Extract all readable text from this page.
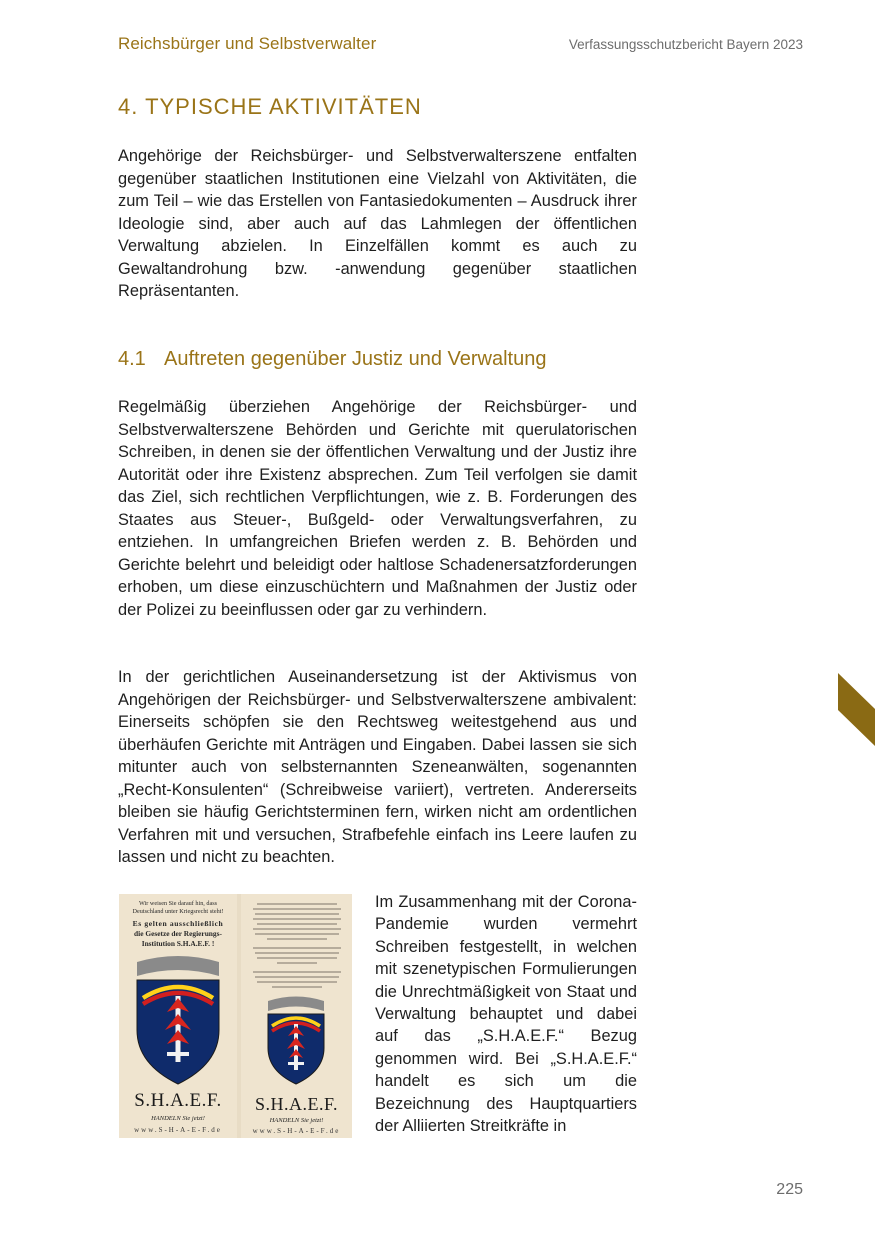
Reichsbürger und Selbstverwalter	Verfassungsschutzbericht Bayern 2023
4. TYPISCHE AKTIVITÄTEN

Angehörige der Reichsbürger- und Selbstverwalterszene entfalten gegenüber staatlichen Institutionen eine Vielzahl von Aktivitäten, die zum Teil – wie das Erstellen von Fantasiedokumenten – Ausdruck ihrer Ideologie sind, aber auch auf das Lahmlegen der öffentlichen Verwaltung abzielen. In Einzelfällen kommt es auch zu Gewaltandrohung bzw. -anwendung gegenüber staatlichen Repräsentanten.

4.1 Auftreten gegenüber Justiz und Verwaltung

Regelmäßig überziehen Angehörige der Reichsbürger- und Selbstverwalterszene Behörden und Gerichte mit querulatorischen Schreiben, in denen sie der öffentlichen Verwaltung und der Justiz ihre Autorität oder ihre Existenz absprechen. Zum Teil verfolgen sie damit das Ziel, sich rechtlichen Verpflichtungen, wie z. B. Forderungen des Staates aus Steuer-, Bußgeld- oder Verwaltungsverfahren, zu entziehen. In umfangreichen Briefen werden z. B. Behörden und Gerichte belehrt und beleidigt oder haltlose Schadenersatzforderungen erhoben, um diese einzuschüchtern und Maßnahmen der Justiz oder der Polizei zu beeinflussen oder gar zu verhindern.

In der gerichtlichen Auseinandersetzung ist der Aktivismus von Angehörigen der Reichsbürger- und Selbstverwalterszene ambivalent: Einerseits schöpfen sie den Rechtsweg weitestgehend aus und überhäufen Gerichte mit Anträgen und Eingaben. Dabei lassen sie sich mitunter auch von selbsternannten Szeneanwälten, sogenannten „Recht-Konsulenten“ (Schreibweise variiert), vertreten. Andererseits bleiben sie häufig Gerichtsterminen fern, wirken nicht am ordentlichen Verfahren mit und versuchen, Strafbefehle einfach ins Leere laufen zu lassen und nicht zu beachten.

Wir weisen Sie darauf hin, dass
Deutschland unter Kriegsrecht steht!
Es gelten ausschließlich
die Gesetze der Regierungs-
Institution S.H.A.E.F. !
S.H.A.E.F.
HANDELN Sie jetzt!
www.S-H-A-E-F.de
S.H.A.E.F.
HANDELN Sie jetzt!
www.S-H-A-E-F.de

Im Zusammenhang mit der Corona-Pandemie wurden vermehrt Schreiben festgestellt, in welchen mit szenetypischen Formulierungen die Unrechtmäßigkeit von Staat und Verwaltung behauptet und dabei auf das „S.H.A.E.F.“ Bezug genommen wird. Bei „S.H.A.E.F.“ handelt es sich um die Bezeichnung des Hauptquartiers der Alliierten Streitkräfte in

225
